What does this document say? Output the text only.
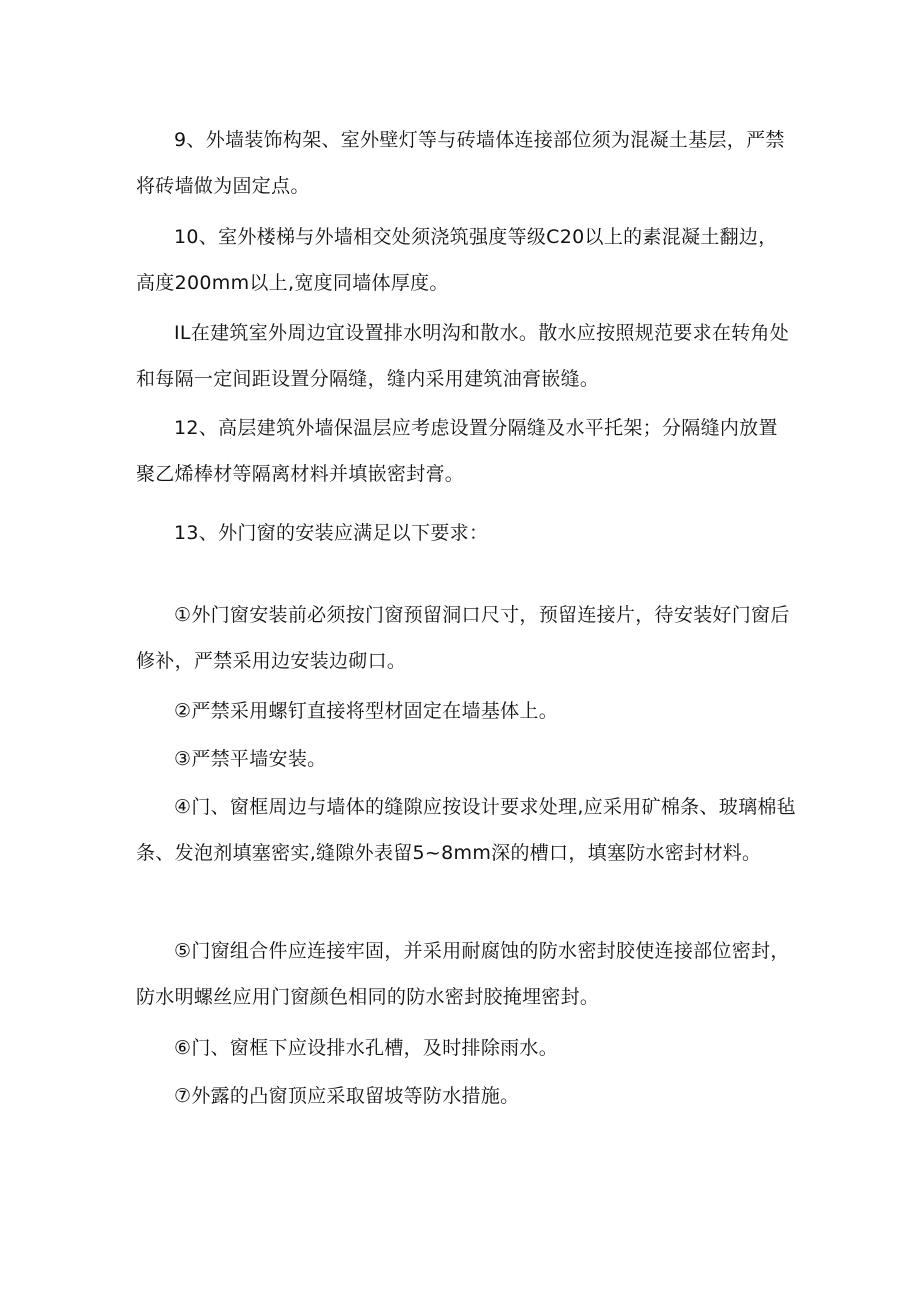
9、外墙装饰构架、室外壁灯等与砖墙体连接部位须为混凝土基层，严禁将砖墙做为固定点。

10、室外楼梯与外墙相交处须浇筑强度等级C20以上的素混凝土翻边，高度200mm以上,宽度同墙体厚度。

IL在建筑室外周边宜设置排水明沟和散水。散水应按照规范要求在转角处和每隔一定间距设置分隔缝，缝内采用建筑油膏嵌缝。

12、高层建筑外墙保温层应考虑设置分隔缝及水平托架；分隔缝内放置聚乙烯棒材等隔离材料并填嵌密封膏。

13、外门窗的安装应满足以下要求：

①外门窗安装前必须按门窗预留洞口尺寸，预留连接片，待安装好门窗后修补，严禁采用边安装边砌口。

②严禁采用螺钉直接将型材固定在墙基体上。

③严禁平墙安装。

④门、窗框周边与墙体的缝隙应按设计要求处理,应采用矿棉条、玻璃棉毡条、发泡剂填塞密实,缝隙外表留5~8mm深的槽口，填塞防水密封材料。

⑤门窗组合件应连接牢固，并采用耐腐蚀的防水密封胶使连接部位密封，防水明螺丝应用门窗颜色相同的防水密封胶掩埋密封。

⑥门、窗框下应设排水孔槽，及时排除雨水。

⑦外露的凸窗顶应采取留坡等防水措施。
